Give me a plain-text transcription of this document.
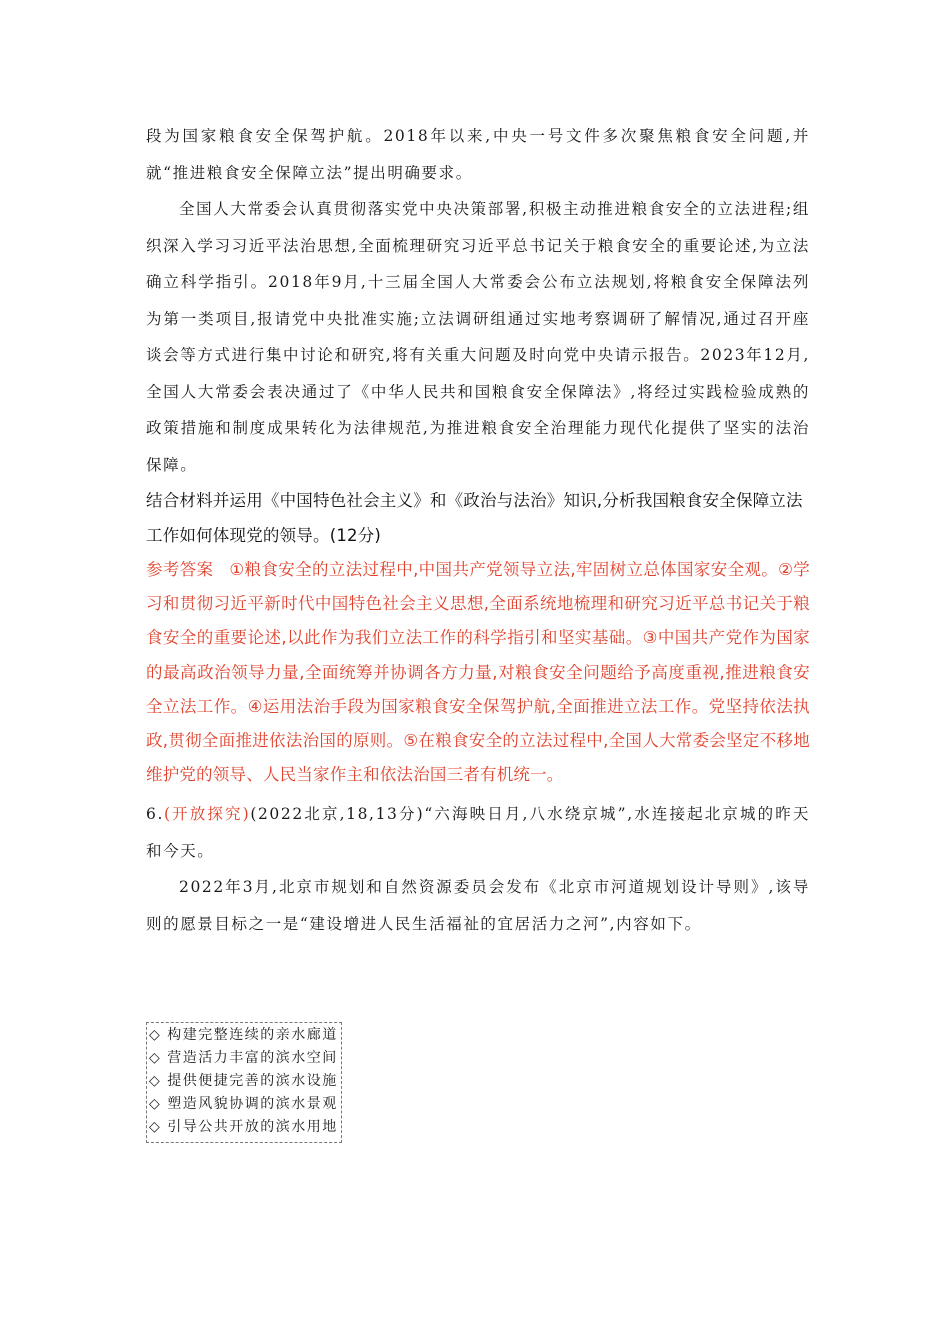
段为国家粮食安全保驾护航。2018年以来,中央一号文件多次聚焦粮食安全问题,并就“推进粮食安全保障立法”提出明确要求。

全国人大常委会认真贯彻落实党中央决策部署,积极主动推进粮食安全的立法进程;组织深入学习习近平法治思想,全面梳理研究习近平总书记关于粮食安全的重要论述,为立法确立科学指引。2018年9月,十三届全国人大常委会公布立法规划,将粮食安全保障法列为第一类项目,报请党中央批准实施;立法调研组通过实地考察调研了解情况,通过召开座谈会等方式进行集中讨论和研究,将有关重大问题及时向党中央请示报告。2023年12月,全国人大常委会表决通过了《中华人民共和国粮食安全保障法》,将经过实践检验成熟的政策措施和制度成果转化为法律规范,为推进粮食安全治理能力现代化提供了坚实的法治保障。

结合材料并运用《中国特色社会主义》和《政治与法治》知识,分析我国粮食安全保障立法工作如何体现党的领导。(12分)

参考答案 ①粮食安全的立法过程中,中国共产党领导立法,牢固树立总体国家安全观。②学习和贯彻习近平新时代中国特色社会主义思想,全面系统地梳理和研究习近平总书记关于粮食安全的重要论述,以此作为我们立法工作的科学指引和坚实基础。③中国共产党作为国家的最高政治领导力量,全面统筹并协调各方力量,对粮食安全问题给予高度重视,推进粮食安全立法工作。④运用法治手段为国家粮食安全保驾护航,全面推进立法工作。党坚持依法执政,贯彻全面推进依法治国的原则。⑤在粮食安全的立法过程中,全国人大常委会坚定不移地维护党的领导、人民当家作主和依法治国三者有机统一。

6.(开放探究)(2022北京,18,13分)“六海映日月,八水绕京城”,水连接起北京城的昨天和今天。

2022年3月,北京市规划和自然资源委员会发布《北京市河道规划设计导则》,该导则的愿景目标之一是“建设增进人民生活福祉的宜居活力之河”,内容如下。

◇ 构建完整连续的亲水廊道
◇ 营造活力丰富的滨水空间
◇ 提供便捷完善的滨水设施
◇ 塑造风貌协调的滨水景观
◇ 引导公共开放的滨水用地
